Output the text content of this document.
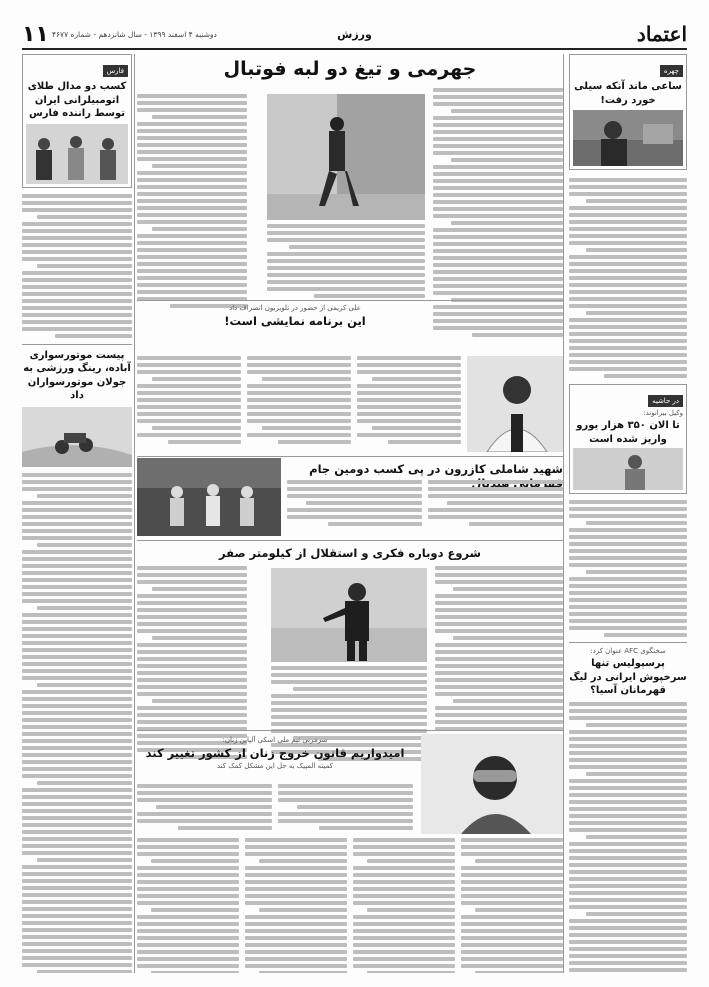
۱۱ دوشنبه ۴ اسفند ۱۳۹۹ - سال شانزدهم - شماره ۴۶۷۷	ورزش	اعتماد
چهره
ساعی ماند آنکه سیلی خورد رفت!
در حاشیه
وکیل بیرانوند:
تا الان ۳۵۰ هزار یورو واریز شده است
سخنگوی AFC عنوان کرد:
پرسپولیس تنها سرخپوش ایرانی در لیگ قهرمانان آسیا؟
فارس
کسب دو مدال طلای اتومبیلرانی ایران توسط راننده فارس
پیست موتورسواری آباده، رینگ ورزشی به جولان موتورسواران داد
جهرمی و تیغ دو لبه فوتبال
علی کریمی از حضور در تلویزیون انصراف داد
این برنامه نمایشی است!
شهید شاملی کازرون در پی کسب دومین جام
شروع دوباره فکری و استقلال از کیلومتر صفر
سرمربی تیم ملی اسکی آلپاین زنان:
امیدواریم قانون خروج زنان از کشور تغییر کند
کمیته المپیک به حل این مشکل کمک کند
